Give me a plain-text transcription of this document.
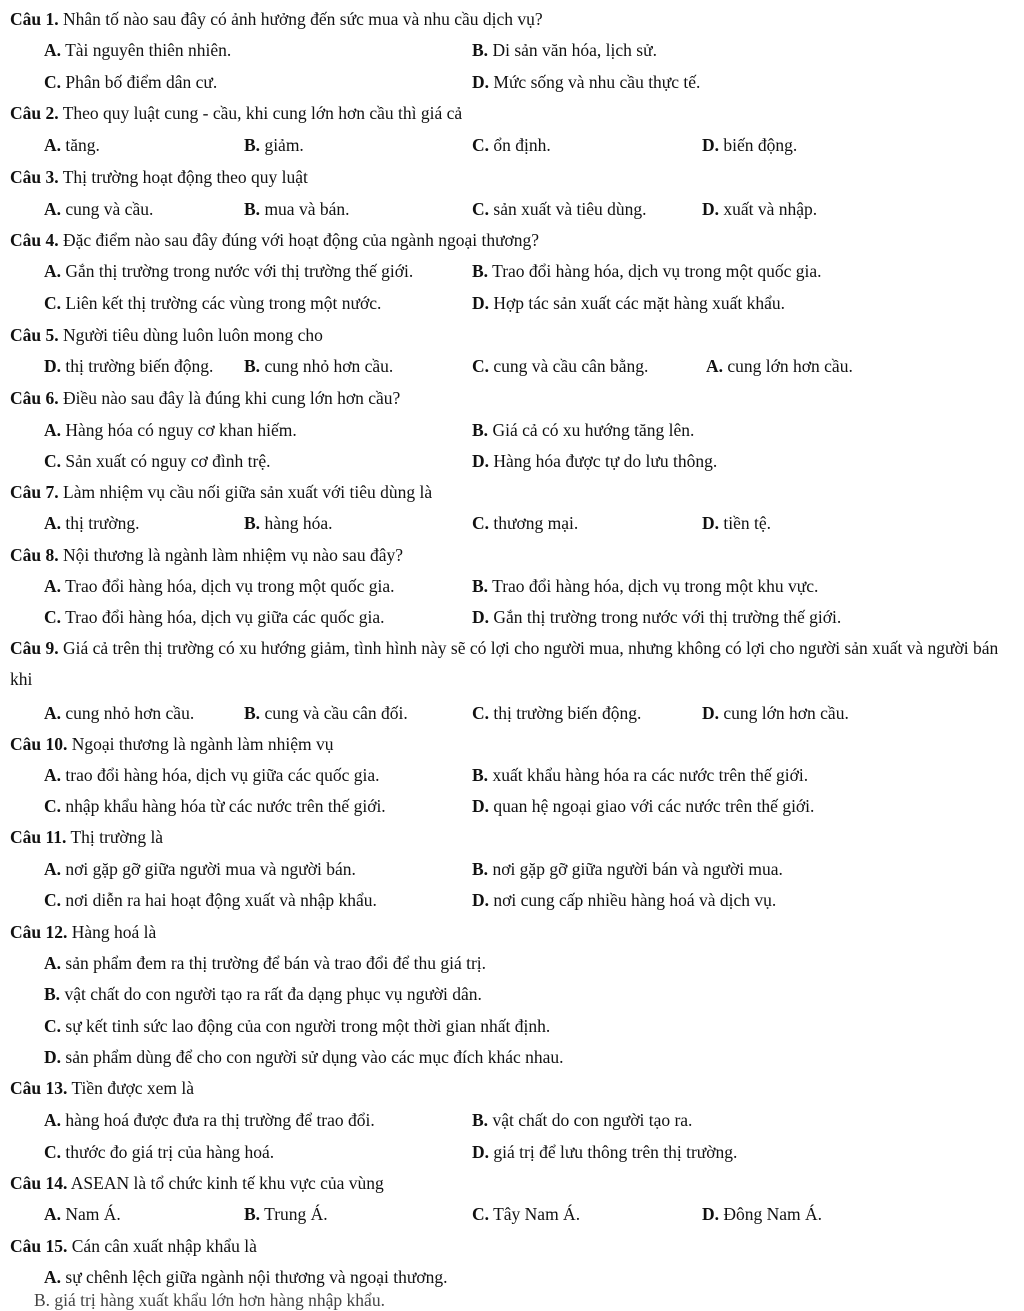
Câu 1. Nhân tố nào sau đây có ảnh hưởng đến sức mua và nhu cầu dịch vụ?
A. Tài nguyên thiên nhiên.	B. Di sản văn hóa, lịch sử.
C. Phân bố điểm dân cư.	D. Mức sống và nhu cầu thực tế.
Câu 2. Theo quy luật cung - cầu, khi cung lớn hơn cầu thì giá cả
A. tăng.	B. giảm.	C. ổn định.	D. biến động.
Câu 3. Thị trường hoạt động theo quy luật
A. cung và cầu.	B. mua và bán.	C. sản xuất và tiêu dùng.	D. xuất và nhập.
Câu 4. Đặc điểm nào sau đây đúng với hoạt động của ngành ngoại thương?
A. Gắn thị trường trong nước với thị trường thế giới.	B. Trao đổi hàng hóa, dịch vụ trong một quốc gia.
C. Liên kết thị trường các vùng trong một nước.	D. Hợp tác sản xuất các mặt hàng xuất khẩu.
Câu 5. Người tiêu dùng luôn luôn mong cho
D. thị trường biến động. B. cung nhỏ hơn cầu.	C. cung và cầu cân bằng.	A. cung lớn hơn cầu.
Câu 6. Điều nào sau đây là đúng khi cung lớn hơn cầu?
A. Hàng hóa có nguy cơ khan hiếm.	B. Giá cả có xu hướng tăng lên.
C. Sản xuất có nguy cơ đình trệ.	D. Hàng hóa được tự do lưu thông.
Câu 7. Làm nhiệm vụ cầu nối giữa sản xuất với tiêu dùng là
A. thị trường.	B. hàng hóa.	C. thương mại.	D. tiền tệ.
Câu 8. Nội thương là ngành làm nhiệm vụ nào sau đây?
A. Trao đổi hàng hóa, dịch vụ trong một quốc gia.	B. Trao đổi hàng hóa, dịch vụ trong một khu vực.
C. Trao đổi hàng hóa, dịch vụ giữa các quốc gia.	D. Gắn thị trường trong nước với thị trường thế giới.
Câu 9. Giá cả trên thị trường có xu hướng giảm, tình hình này sẽ có lợi cho người mua, nhưng không có lợi cho người sản xuất và người bán khi
A. cung nhỏ hơn cầu.	B. cung và cầu cân đối.	C. thị trường biến động.	D. cung lớn hơn cầu.
Câu 10. Ngoại thương là ngành làm nhiệm vụ
A. trao đổi hàng hóa, dịch vụ giữa các quốc gia.	B. xuất khẩu hàng hóa ra các nước trên thế giới.
C. nhập khẩu hàng hóa từ các nước trên thế giới.	D. quan hệ ngoại giao với các nước trên thế giới.
Câu 11. Thị trường là
A. nơi gặp gỡ giữa người mua và người bán.	B. nơi gặp gỡ giữa người bán và người mua.
C. nơi diễn ra hai hoạt động xuất và nhập khẩu.	D. nơi cung cấp nhiều hàng hoá và dịch vụ.
Câu 12. Hàng hoá là
A. sản phẩm đem ra thị trường để bán và trao đổi để thu giá trị.
B. vật chất do con người tạo ra rất đa dạng phục vụ người dân.
C. sự kết tinh sức lao động của con người trong một thời gian nhất định.
D. sản phẩm dùng để cho con người sử dụng vào các mục đích khác nhau.
Câu 13. Tiền được xem là
A. hàng hoá được đưa ra thị trường để trao đổi.	B. vật chất do con người tạo ra.
C. thước đo giá trị của hàng hoá.	D. giá trị để lưu thông trên thị trường.
Câu 14. ASEAN là tổ chức kinh tế khu vực của vùng
A. Nam Á.	B. Trung Á.	C. Tây Nam Á.	D. Đông Nam Á.
Câu 15. Cán cân xuất nhập khẩu là
A. sự chênh lệch giữa ngành nội thương và ngoại thương.
B. giá trị hàng xuất khẩu lớn hơn hàng nhập khẩu.
